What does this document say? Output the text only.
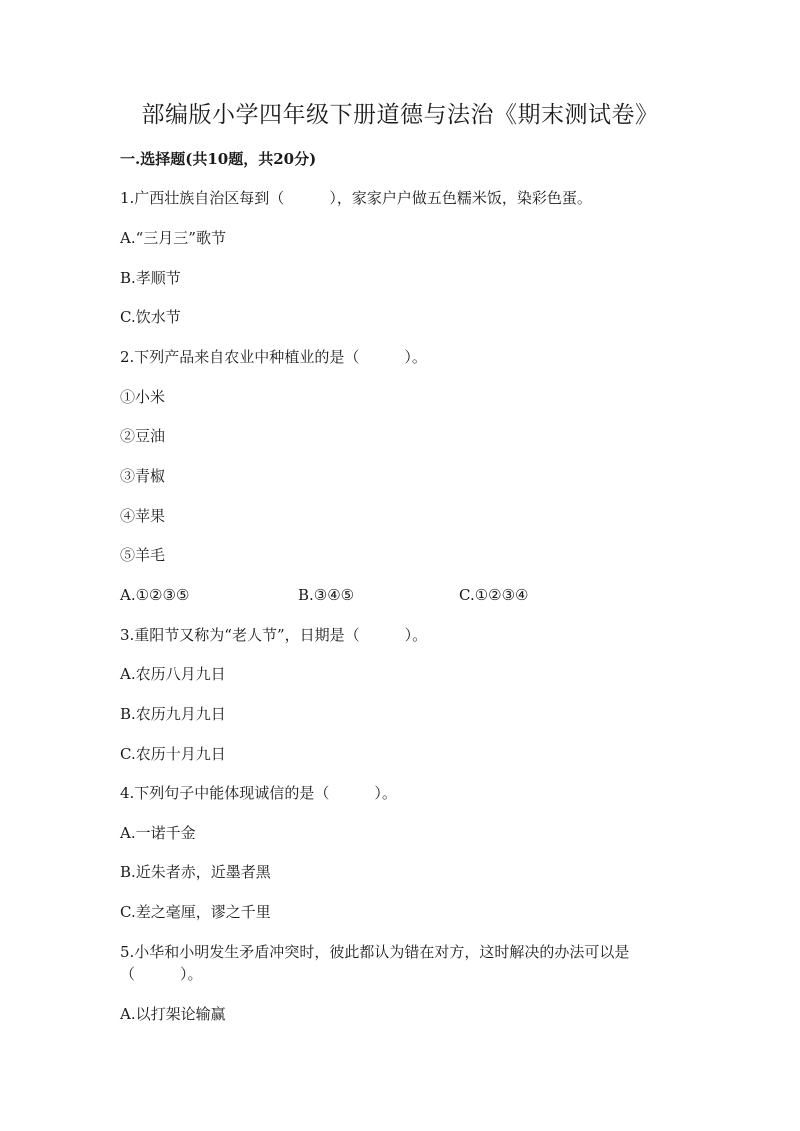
部编版小学四年级下册道德与法治《期末测试卷》
一.选择题(共10题，共20分)
1.广西壮族自治区每到（　　　），家家户户做五色糯米饭，染彩色蛋。
A.“三月三”歌节
B.孝顺节
C.饮水节
2.下列产品来自农业中种植业的是（　　　）。
①小米
②豆油
③青椒
④苹果
⑤羊毛
A.①②③⑤	B.③④⑤	C.①②③④
3.重阳节又称为“老人节”，日期是（　　　）。
A.农历八月九日
B.农历九月九日
C.农历十月九日
4.下列句子中能体现诚信的是（　　　）。
A.一诺千金
B.近朱者赤，近墨者黑
C.差之毫厘，谬之千里
5.小华和小明发生矛盾冲突时，彼此都认为错在对方，这时解决的办法可以是
（　　　）。
A.以打架论输赢
